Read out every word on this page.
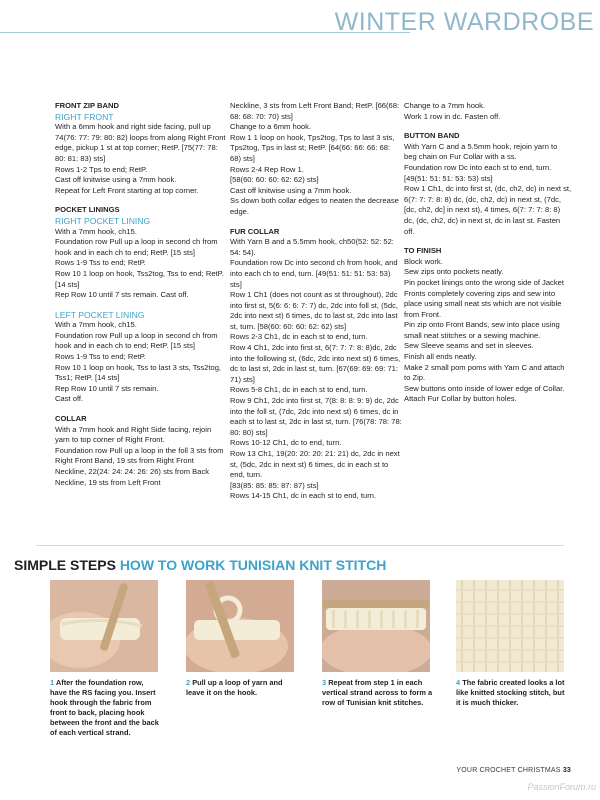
WINTER WARDROBE
FRONT ZIP BAND
RIGHT FRONT
With a 6mm hook and right side facing, pull up 74(76: 77: 79: 80: 82) loops from along Right Front edge, pickup 1 st at top corner; RetP. [75(77: 78: 80: 81: 83) sts]
Rows 1-2 Tps to end; RetP.
Cast off knitwise using a 7mm hook.
Repeat for Left Front starting at top corner.
POCKET LININGS
RIGHT POCKET LINING
With a 7mm hook, ch15.
Foundation row Pull up a loop in second ch from hook and in each ch to end; RetP. [15 sts]
Rows 1-9 Tss to end; RetP.
Row 10 1 loop on hook, Tss2tog, Tss to end; RetP. [14 sts]
Rep Row 10 until 7 sts remain. Cast off.
LEFT POCKET LINING
With a 7mm hook, ch15.
Foundation row Pull up a loop in second ch from hook and in each ch to end; RetP. [15 sts]
Rows 1-9 Tss to end; RetP.
Row 10 1 loop on hook, Tss to last 3 sts, Tss2tog, Tss1; RetP. [14 sts]
Rep Row 10 until 7 sts remain.
Cast off.
COLLAR
With a 7mm hook and Right Side facing, rejoin yarn to top corner of Right Front.
Foundation row Pull up a loop in the foll 3 sts from Right Front Band, 19 sts from Right Front Neckline, 22(24: 24: 24: 26: 26) sts from Back Neckline, 19 sts from Left Front
Neckline, 3 sts from Left Front Band; RetP. [66(68: 68: 68: 70: 70) sts]
Change to a 6mm hook.
Row 1 1 loop on hook, Tps2tog, Tps to last 3 sts, Tps2tog, Tps in last st; RetP. [64(66: 66: 66: 68: 68) sts]
Rows 2-4 Rep Row 1.
[58(60: 60: 60: 62: 62) sts]
Cast off knitwise using a 7mm hook.
Ss down both collar edges to neaten the decrease edge.
FUR COLLAR
With Yarn B and a 5.5mm hook, ch50(52: 52: 52: 54: 54).
Foundation row Dc into second ch from hook, and into each ch to end, turn. [49(51: 51: 51: 53: 53) sts]
Row 1 Ch1 (does not count as st throughout), 2dc into first st, 5(6: 6: 6: 7: 7) dc, 2dc into foll st, (5dc, 2dc into next st) 6 times, dc to last st, 2dc into last st, turn. [58(60: 60: 60: 62: 62) sts]
Rows 2-3 Ch1, dc in each st to end, turn.
Row 4 Ch1, 2dc into first st, 6(7: 7: 7: 8: 8)dc, 2dc into the following st, (6dc, 2dc into next st) 6 times, dc to last st, 2dc in last st, turn. [67(69: 69: 69: 71: 71) sts]
Rows 5-8 Ch1, dc in each st to end, turn.
Row 9 Ch1, 2dc into first st, 7(8: 8: 8: 9: 9) dc, 2dc into the foll st, (7dc, 2dc into next st) 6 times, dc in each st to last st, 2dc in last st, turn. [76(78: 78: 78: 80: 80) sts]
Rows 10-12 Ch1, dc to end, turn.
Row 13 Ch1, 19(20: 20: 20: 21: 21) dc, 2dc in next st, (5dc, 2dc in next st) 6 times, dc in each st to end, turn.
[83(85: 85: 85: 87: 87) sts]
Rows 14-15 Ch1, dc in each st to end, turn.
Change to a 7mm hook.
Work 1 row in dc. Fasten off.
BUTTON BAND
With Yarn C and a 5.5mm hook, rejoin yarn to beg chain on Fur Collar with a ss.
Foundation row Dc into each st to end, turn. [49(51: 51: 51: 53: 53) sts]
Row 1 Ch1, dc into first st, (dc, ch2, dc) in next st, 6(7: 7: 7: 8: 8) dc, (dc, ch2, dc) in next st, (7dc, [dc, ch2, dc] in next st), 4 times, 6(7: 7: 7: 8: 8) dc, (dc, ch2, dc) in next st, dc in last st. Fasten off.
TO FINISH
Block work.
Sew zips onto pockets neatly.
Pin pocket linings onto the wrong side of Jacket Fronts completely covering zips and sew into place using small neat sts which are not visible from Front.
Pin zip onto Front Bands, sew into place using small neat stitches or a sewing machine.
Sew Sleeve seams and set in sleeves.
Finish all ends neatly.
Make 2 small pom poms with Yarn C and attach to Zip.
Sew buttons onto inside of lower edge of Collar.
Attach Fur Collar by button holes.
SIMPLE STEPS HOW TO WORK TUNISIAN KNIT STITCH
1 After the foundation row, have the RS facing you. Insert hook through the fabric from front to back, placing hook between the front and the back of each vertical strand.
2 Pull up a loop of yarn and leave it on the hook.
3 Repeat from step 1 in each vertical strand across to form a row of Tunisian knit stitches.
4 The fabric created looks a lot like knitted stocking stitch, but it is much thicker.
YOUR CROCHET CHRISTMAS 33
PassionForum.ru
